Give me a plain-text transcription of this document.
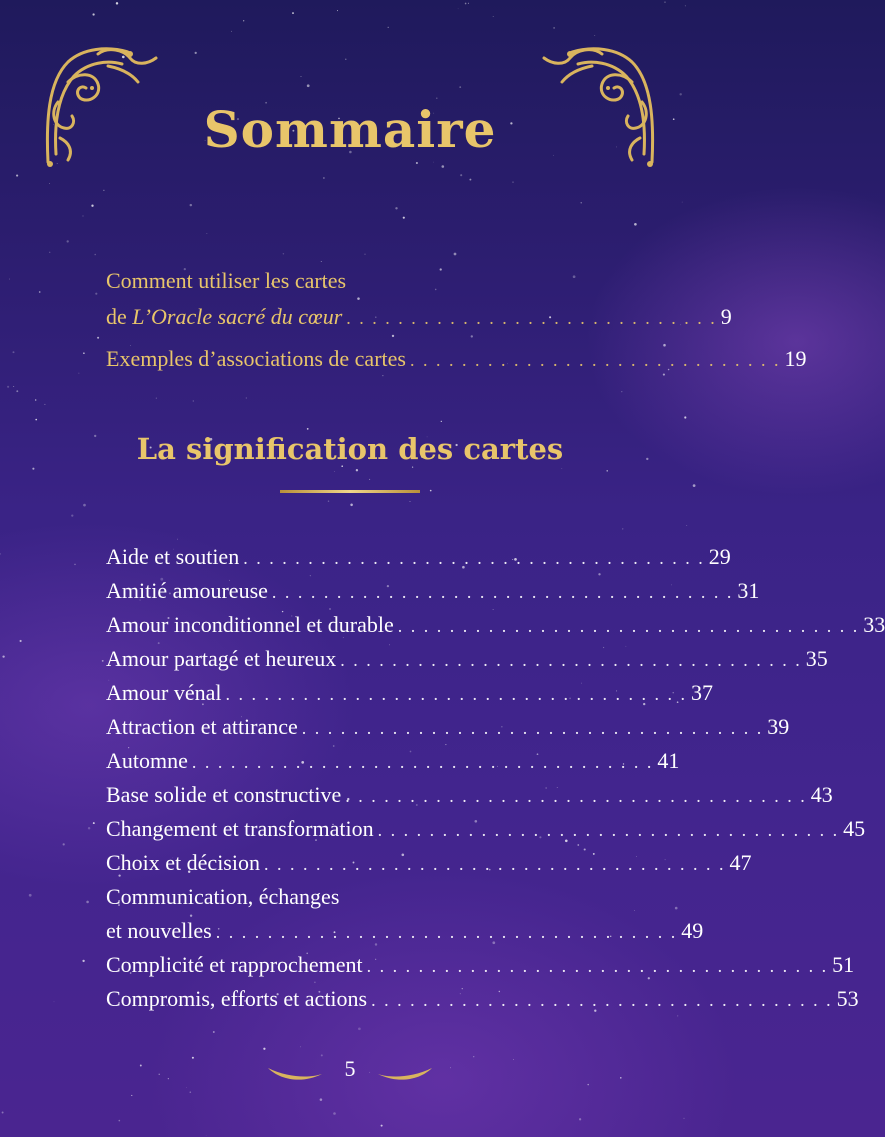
Sommaire
Comment utiliser les cartes
de L’Oracle sacré du cœur . . . . . . . . . . . . . . . . . . . . . . . . . . . . . 9
Exemples d’associations de cartes . . . . . . . . . . . . . . . . . . . . . . . . . . . . . 19
La signification des cartes
Aide et soutien . . . . . . . . . . . . . . . . . . . . . . . . . . . . . . . . . . . . 29
Amitié amoureuse . . . . . . . . . . . . . . . . . . . . . . . . . . . . . . . . . . . . 31
Amour inconditionnel et durable . . . . . . . . . . . . . . . . . . . . . . . . . . . . . . . . . . . . 33
Amour partagé et heureux . . . . . . . . . . . . . . . . . . . . . . . . . . . . . . . . . . . . 35
Amour vénal . . . . . . . . . . . . . . . . . . . . . . . . . . . . . . . . . . . . 37
Attraction et attirance . . . . . . . . . . . . . . . . . . . . . . . . . . . . . . . . . . . . 39
Automne . . . . . . . . . . . . . . . . . . . . . . . . . . . . . . . . . . . . 41
Base solide et constructive . . . . . . . . . . . . . . . . . . . . . . . . . . . . . . . . . . . . 43
Changement et transformation . . . . . . . . . . . . . . . . . . . . . . . . . . . . . . . . . . . . 45
Choix et décision . . . . . . . . . . . . . . . . . . . . . . . . . . . . . . . . . . . . 47
Communication, échanges
et nouvelles . . . . . . . . . . . . . . . . . . . . . . . . . . . . . . . . . . . . 49
Complicité et rapprochement . . . . . . . . . . . . . . . . . . . . . . . . . . . . . . . . . . . . 51
Compromis, efforts et actions . . . . . . . . . . . . . . . . . . . . . . . . . . . . . . . . . . . . 53
5
